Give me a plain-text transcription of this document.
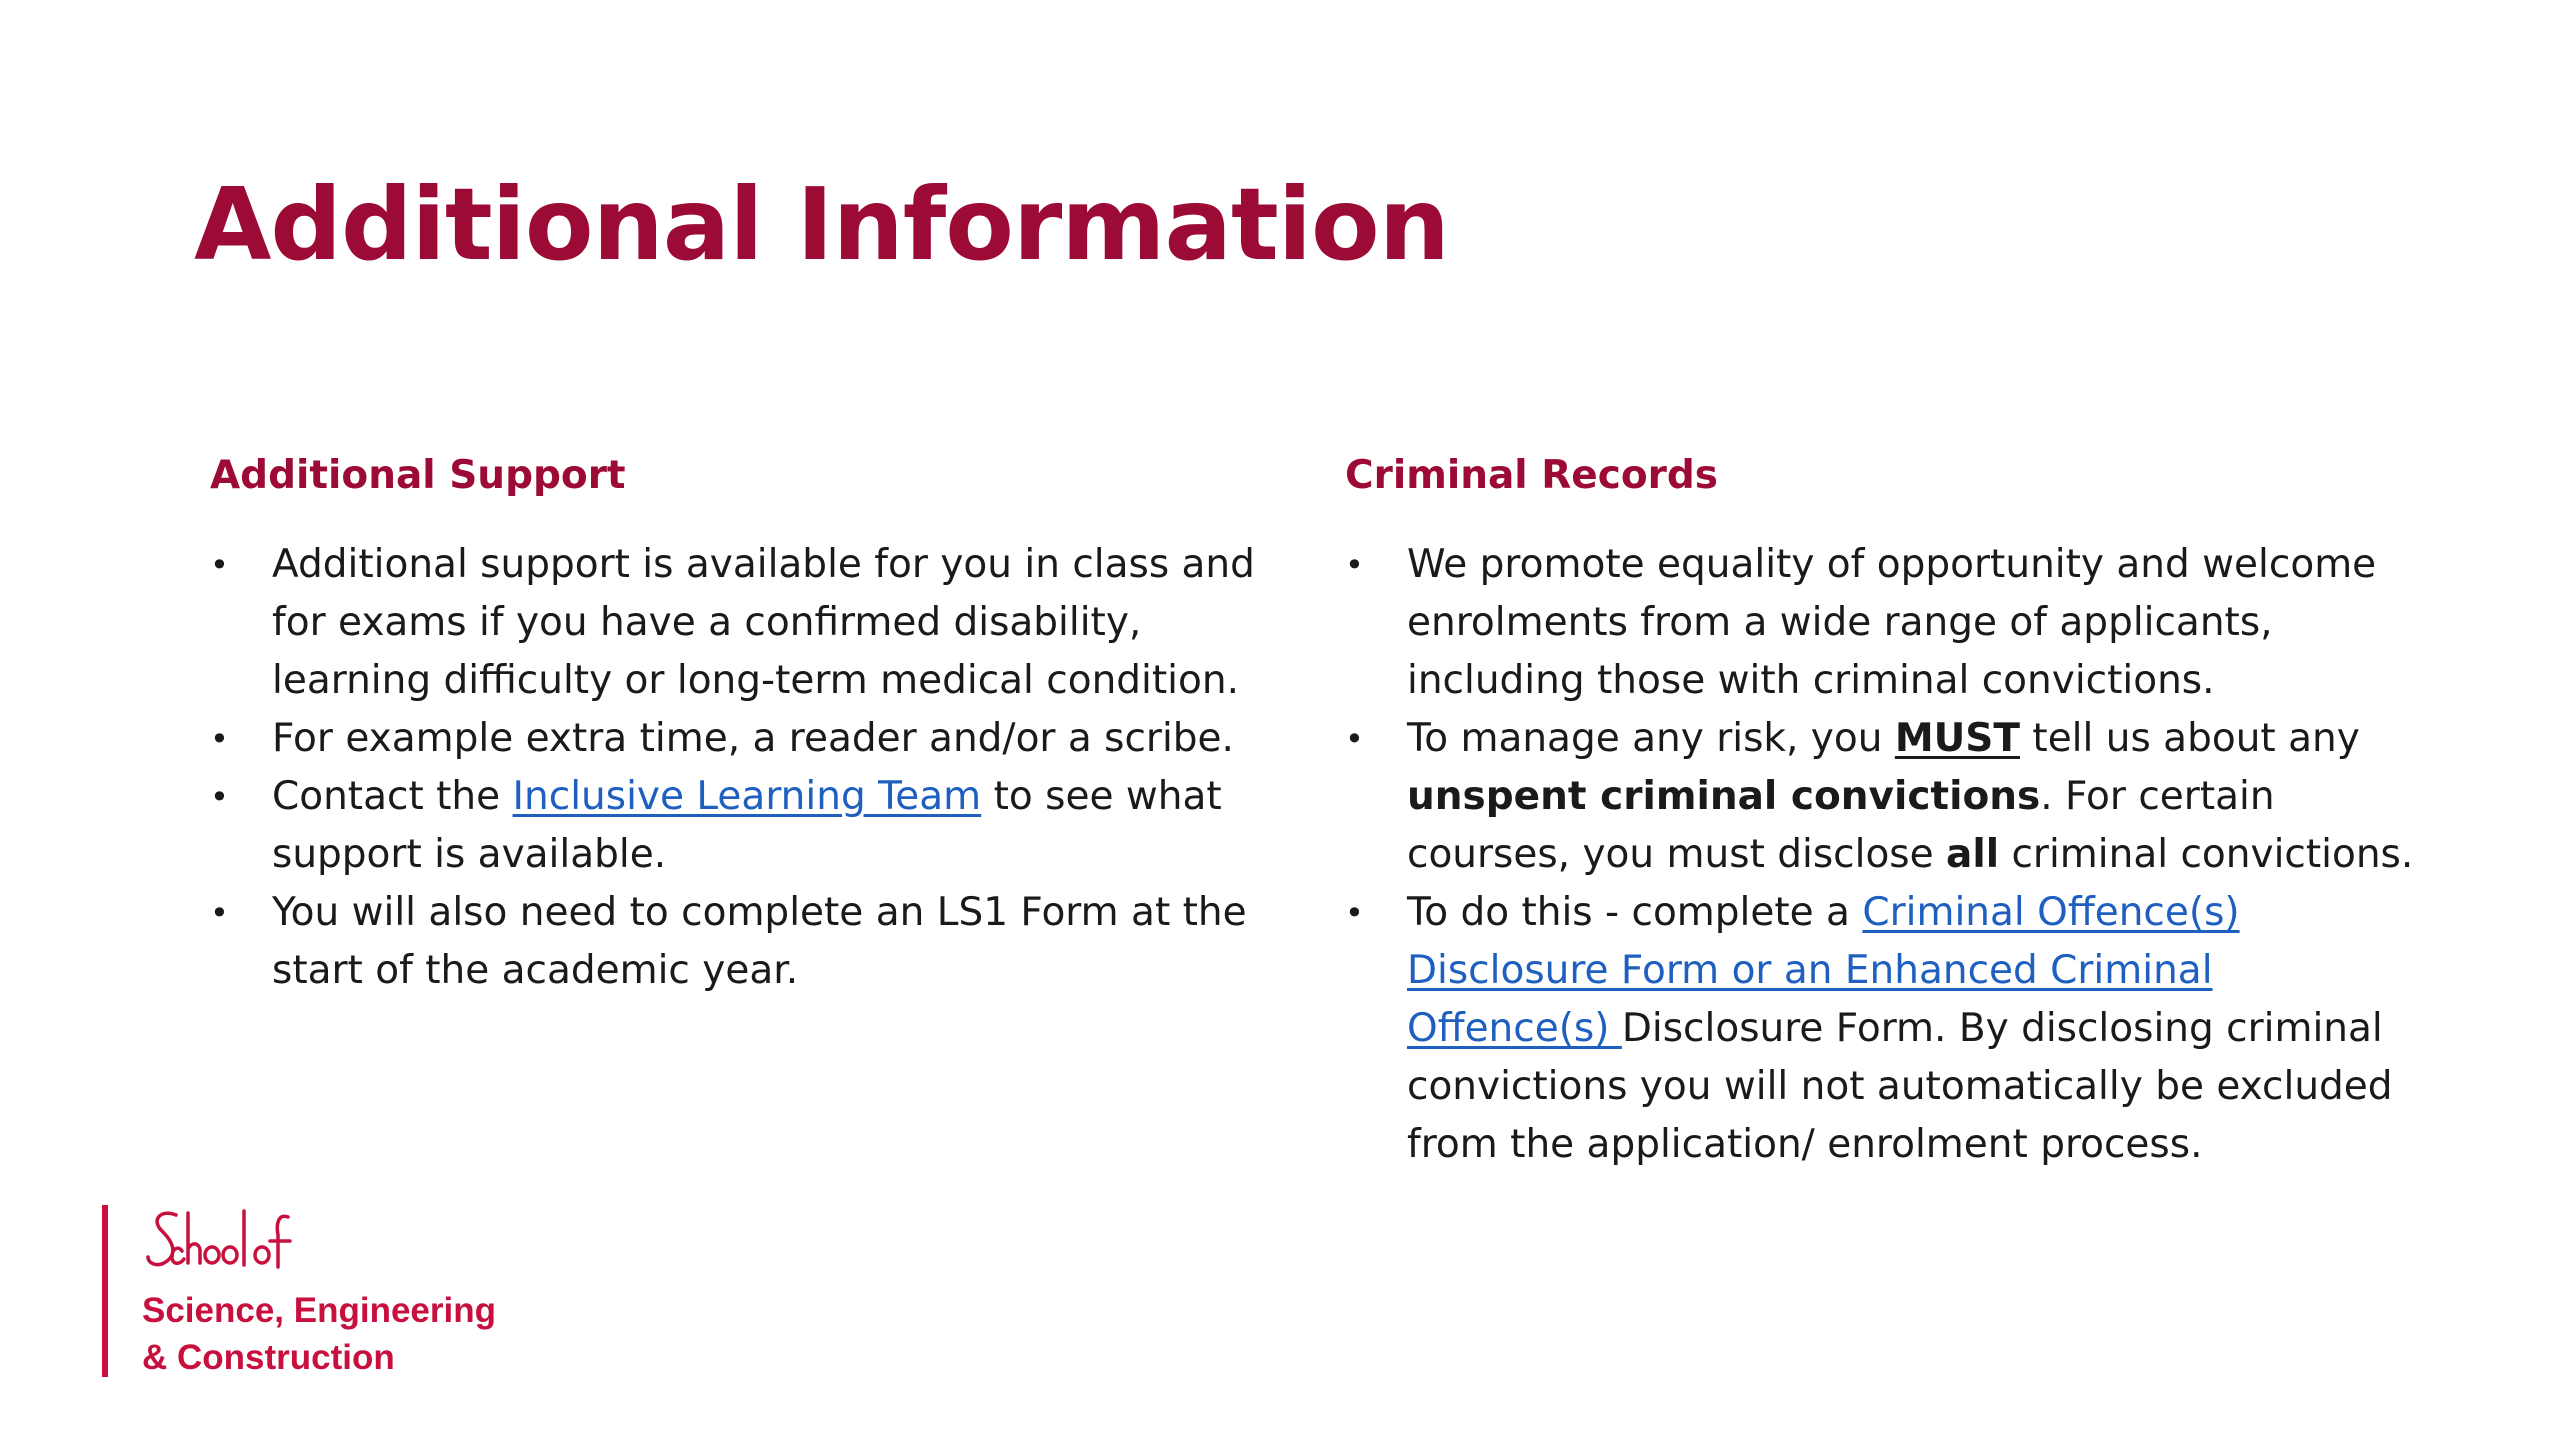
Additional Information
Additional Support
• Additional support is available for you in class and for exams if you have a confirmed disability, learning difficulty or long-term medical condition.
• For example extra time, a reader and/or a scribe.
• Contact the Inclusive Learning Team to see what support is available.
• You will also need to complete an LS1 Form at the start of the academic year.
Criminal Records
• We promote equality of opportunity and welcome enrolments from a wide range of applicants, including those with criminal convictions.
• To manage any risk, you MUST tell us about any unspent criminal convictions. For certain courses, you must disclose all criminal convictions.
• To do this - complete a Criminal Offence(s) Disclosure Form or an Enhanced Criminal Offence(s) Disclosure Form. By disclosing criminal convictions you will not automatically be excluded from the application/ enrolment process.

Science, Engineering
& Construction
